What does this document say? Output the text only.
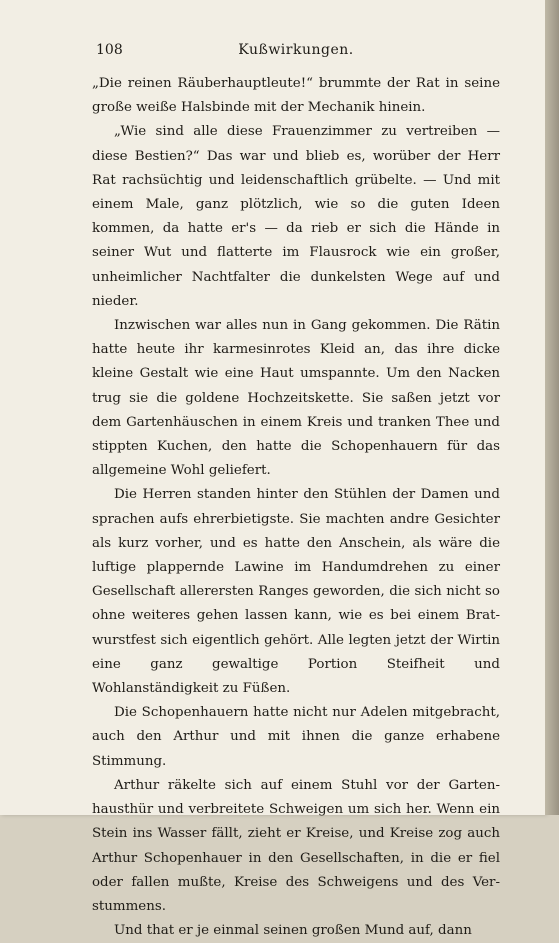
108	Kußwirkungen.

„Die reinen Räuberhauptleute!“ brummte der Rat in seine große weiße Halsbinde mit der Mechanik hinein.

„Wie sind alle diese Frauenzimmer zu vertreiben — diese Bestien?“ Das war und blieb es, worüber der Herr Rat rachsüchtig und leidenschaftlich grübelte. — Und mit einem Male, ganz plötzlich, wie so die guten Ideen kommen, da hatte er's — da rieb er sich die Hände in seiner Wut und flatterte im Flausrock wie ein großer, unheimlicher Nachtfalter die dunkelsten Wege auf und nieder.

Inzwischen war alles nun in Gang gekommen. Die Rätin hatte heute ihr karmesinrotes Kleid an, das ihre dicke kleine Gestalt wie eine Haut umspannte. Um den Nacken trug sie die goldene Hochzeitskette. Sie saßen jetzt vor dem Gartenhäuschen in einem Kreis und tranken Thee und stippten Kuchen, den hatte die Schopenhauern für das allgemeine Wohl geliefert.

Die Herren standen hinter den Stühlen der Damen und sprachen aufs ehrerbietigste. Sie machten andre Gesichter als kurz vorher, und es hatte den Anschein, als wäre die luftige plappernde Lawine im Handumdrehen zu einer Gesellschaft allerersten Ranges geworden, die sich nicht so ohne weiteres gehen lassen kann, wie es bei einem Bratwurstfest sich eigentlich gehört. Alle legten jetzt der Wirtin eine ganz gewaltige Portion Steifheit und Wohlanständigkeit zu Füßen.

Die Schopenhauern hatte nicht nur Adelen mitgebracht, auch den Arthur und mit ihnen die ganze erhabene Stimmung.

Arthur räkelte sich auf einem Stuhl vor der Gartenhausthür und verbreitete Schweigen um sich her. Wenn ein Stein ins Wasser fällt, zieht er Kreise, und Kreise zog auch Arthur Schopenhauer in den Gesellschaften, in die er fiel oder fallen mußte, Kreise des Schweigens und des Verstummens.

Und that er je einmal seinen großen Mund auf, dann
